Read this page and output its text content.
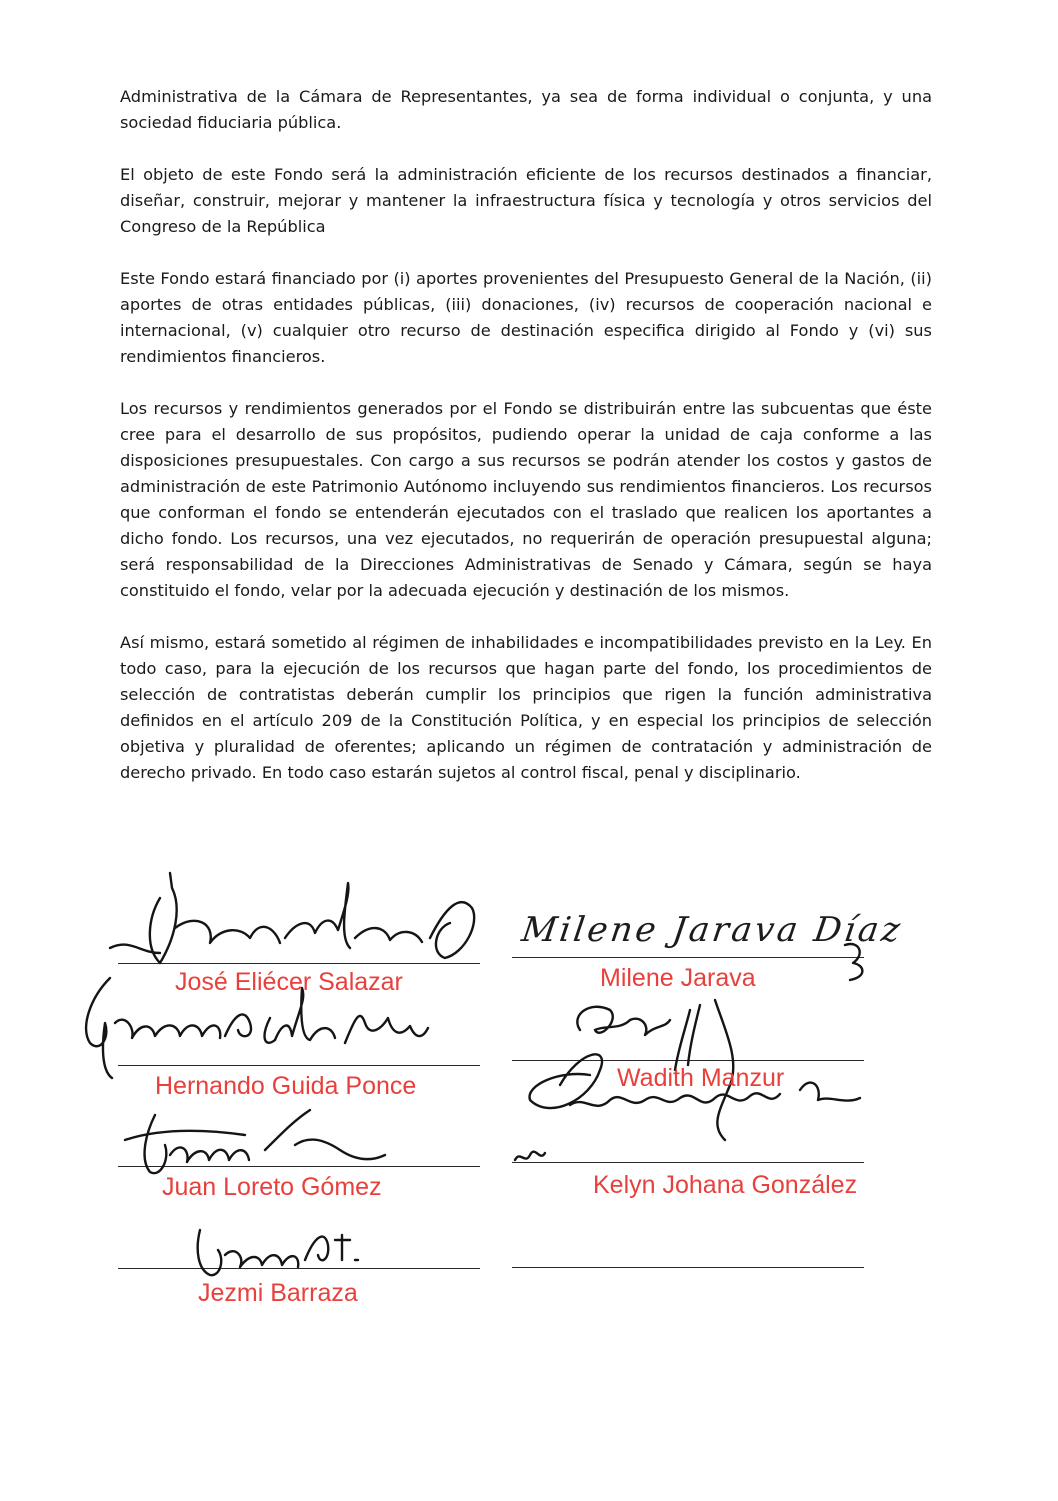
Administrativa de la Cámara de Representantes, ya sea de forma individual o conjunta, y una sociedad fiduciaria pública.

El objeto de este Fondo será la administración eficiente de los recursos destinados a financiar, diseñar, construir, mejorar y mantener la infraestructura física y tecnología y otros servicios del Congreso de la República

Este Fondo estará financiado por (i) aportes provenientes del Presupuesto General de la Nación, (ii) aportes de otras entidades públicas, (iii) donaciones, (iv) recursos de cooperación nacional e internacional, (v) cualquier otro recurso de destinación especifica dirigido al Fondo y (vi) sus rendimientos financieros.

Los recursos y rendimientos generados por el Fondo se distribuirán entre las subcuentas que éste cree para el desarrollo de sus propósitos, pudiendo operar la unidad de caja conforme a las disposiciones presupuestales. Con cargo a sus recursos se podrán atender los costos y gastos de administración de este Patrimonio Autónomo incluyendo sus rendimientos financieros. Los recursos que conforman el fondo se entenderán ejecutados con el traslado que realicen los aportantes a dicho fondo. Los recursos, una vez ejecutados, no requerirán de operación presupuestal alguna; será responsabilidad de la Direcciones Administrativas de Senado y Cámara, según se haya constituido el fondo, velar por la adecuada ejecución y destinación de los mismos.

Así mismo, estará sometido al régimen de inhabilidades e incompatibilidades previsto en la Ley. En todo caso, para la ejecución de los recursos que hagan parte del fondo, los procedimientos de selección de contratistas deberán cumplir los principios que rigen la función administrativa definidos en el artículo 209 de la Constitución Política, y en especial los principios de selección objetiva y pluralidad de oferentes; aplicando un régimen de contratación y administración de derecho privado. En todo caso estarán sujetos al control fiscal, penal y disciplinario.

Milene Jarava Díaz
José Eliécer Salazar	Milene Jarava
Hernando Guida Ponce	Wadith Manzur
Juan Loreto Gómez	Kelyn Johana González
Jezmi Barraza
